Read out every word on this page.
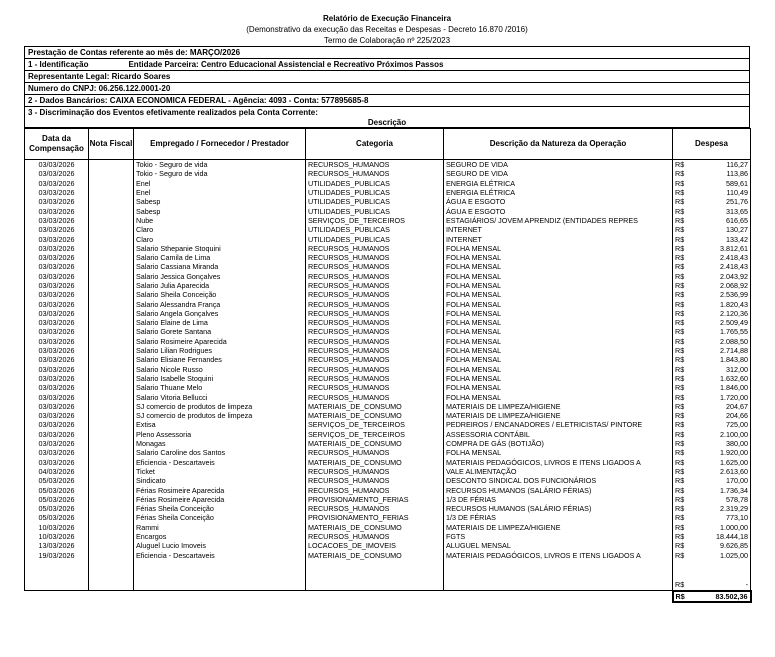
Relatório de Execução Financeira
(Demonstrativo da execução das Receitas e Despesas - Decreto 16.870 /2016)
Termo de Colaboração nº 225/2023
Prestação de Contas referente ao mês de: MARÇO/2026
1 - Identificação	Entidade Parceira: Centro Educacional Assistencial e Recreativo Próximos Passos
Representante Legal: Ricardo Soares
Numero do CNPJ: 06.256.122.0001-20
2 - Dados Bancários: CAIXA ECONOMICA FEDERAL - Agência: 4093 - Conta: 577895685-8
3 - Discriminação dos Eventos efetivamente realizados pela Conta Corrente:
Descrição
Data da Compensação	Nota Fiscal	Empregado / Fornecedor / Prestador	Categoria	Descrição da Natureza da Operação	Despesa
03/03/2026		Tokio - Seguro de vida	RECURSOS_HUMANOS	SEGURO DE VIDA	R$ 116,27

03/03/2026		Tokio - Seguro de vida	RECURSOS_HUMANOS	SEGURO DE VIDA	R$ 113,86

03/03/2026		Enel	UTILIDADES_PUBLICAS	ENERGIA ELÉTRICA	R$ 589,61

03/03/2026		Enel	UTILIDADES_PUBLICAS	ENERGIA ELÉTRICA	R$ 110,49

03/03/2026		Sabesp	UTILIDADES_PUBLICAS	ÁGUA E ESGOTO	R$ 251,76

03/03/2026		Sabesp	UTILIDADES_PUBLICAS	ÁGUA E ESGOTO	R$ 313,65

03/03/2026		Nube	SERVIÇOS_DE_TERCEIROS	ESTAGIÁRIOS/ JOVEM APRENDIZ (ENTIDADES REPRES	R$ 616,65

03/03/2026		Claro	UTILIDADES_PUBLICAS	INTERNET	R$ 130,27

03/03/2026		Claro	UTILIDADES_PUBLICAS	INTERNET	R$ 133,42

03/03/2026		Salario Sthepanie Stoquini	RECURSOS_HUMANOS	FOLHA MENSAL	R$ 3.812,61

03/03/2026		Salario Camila de Lima	RECURSOS_HUMANOS	FOLHA MENSAL	R$ 2.418,43

03/03/2026		Salario Cassiana Miranda	RECURSOS_HUMANOS	FOLHA MENSAL	R$ 2.418,43

03/03/2026		Salario Jessica Gonçalves	RECURSOS_HUMANOS	FOLHA MENSAL	R$ 2.043,92

03/03/2026		Salario Julia Aparecida	RECURSOS_HUMANOS	FOLHA MENSAL	R$ 2.068,92

03/03/2026		Salario Sheila Conceição	RECURSOS_HUMANOS	FOLHA MENSAL	R$ 2.536,99

03/03/2026		Salario Alessandra França	RECURSOS_HUMANOS	FOLHA MENSAL	R$ 1.820,43

03/03/2026		Salario Angela Gonçalves	RECURSOS_HUMANOS	FOLHA MENSAL	R$ 2.120,36

03/03/2026		Salario Elaine de Lima	RECURSOS_HUMANOS	FOLHA MENSAL	R$ 2.509,49

03/03/2026		Salario Gorete Santana	RECURSOS_HUMANOS	FOLHA MENSAL	R$ 1.765,55

03/03/2026		Salario Rosimeire Aparecida	RECURSOS_HUMANOS	FOLHA MENSAL	R$ 2.088,50

03/03/2026		Salario Lilian Rodrigues	RECURSOS_HUMANOS	FOLHA MENSAL	R$ 2.714,88

03/03/2026		Salario Elisiane Fernandes	RECURSOS_HUMANOS	FOLHA MENSAL	R$ 1.843,80

03/03/2026		Salario Nicole Russo	RECURSOS_HUMANOS	FOLHA MENSAL	R$ 312,00

03/03/2026		Salario Isabelle Stoquini	RECURSOS_HUMANOS	FOLHA MENSAL	R$ 1.632,60

03/03/2026		Salario Thuane Melo	RECURSOS_HUMANOS	FOLHA MENSAL	R$ 1.846,00

03/03/2026		Salario Vitoria Bellucci	RECURSOS_HUMANOS	FOLHA MENSAL	R$ 1.720,00

03/03/2026		SJ comercio de produtos de limpeza	MATERIAIS_DE_CONSUMO	MATERIAIS DE LIMPEZA/HIGIENE	R$ 204,67

03/03/2026		SJ comercio de produtos de limpeza	MATERIAIS_DE_CONSUMO	MATERIAIS DE LIMPEZA/HIGIENE	R$ 204,66

03/03/2026		Extisa	SERVIÇOS_DE_TERCEIROS	PEDREIROS / ENCANADORES / ELETRICISTAS/ PINTORE	R$ 725,00

03/03/2026		Pleno Assessoria	SERVIÇOS_DE_TERCEIROS	ASSESSORIA CONTÁBIL	R$ 2.100,00

03/03/2026		Monagas	MATERIAIS_DE_CONSUMO	COMPRA DE GÁS (BOTIJÃO)	R$ 380,00

03/03/2026		Salario Caroline dos Santos	RECURSOS_HUMANOS	FOLHA MENSAL	R$ 1.920,00

03/03/2026		Eficiencia - Descartaveis	MATERIAIS_DE_CONSUMO	MATERIAIS PEDAGÓGICOS, LIVROS E ITENS LIGADOS A	R$ 1.625,00

04/03/2026		Ticket	RECURSOS_HUMANOS	VALE ALIMENTAÇÃO	R$ 2.613,60

05/03/2026		Sindicato	RECURSOS_HUMANOS	DESCONTO SINDICAL DOS FUNCIONÁRIOS	R$ 170,00

05/03/2026		Férias Rosimeire Aparecida	RECURSOS_HUMANOS	RECURSOS HUMANOS (SALÁRIO FÉRIAS)	R$ 1.736,34

05/03/2026		Férias Rosimeire Aparecida	PROVISIONAMENTO_FERIAS	1/3 DE FÉRIAS	R$ 578,78

05/03/2026		Férias Sheila Conceição	RECURSOS_HUMANOS	RECURSOS HUMANOS (SALÁRIO FÉRIAS)	R$ 2.319,29

05/03/2026		Férias Sheila Conceição	PROVISIONAMENTO_FERIAS	1/3 DE FÉRIAS	R$ 773,10

10/03/2026		Rammi	MATERIAIS_DE_CONSUMO	MATERIAIS DE LIMPEZA/HIGIENE	R$ 1.000,00

10/03/2026		Encargos	RECURSOS_HUMANOS	FGTS	R$ 18.444,18

13/03/2026		Aluguel Lucio Imoveis	LOCACOES_DE_IMOVEIS	ALUGUEL MENSAL	R$ 9.626,85

19/03/2026		Eficiencia - Descartaveis	MATERIAIS_DE_CONSUMO	MATERIAIS PEDAGÓGICOS, LIVROS E ITENS LIGADOS A	R$ 1.025,00

					R$ -

					R$ 83.502,36
